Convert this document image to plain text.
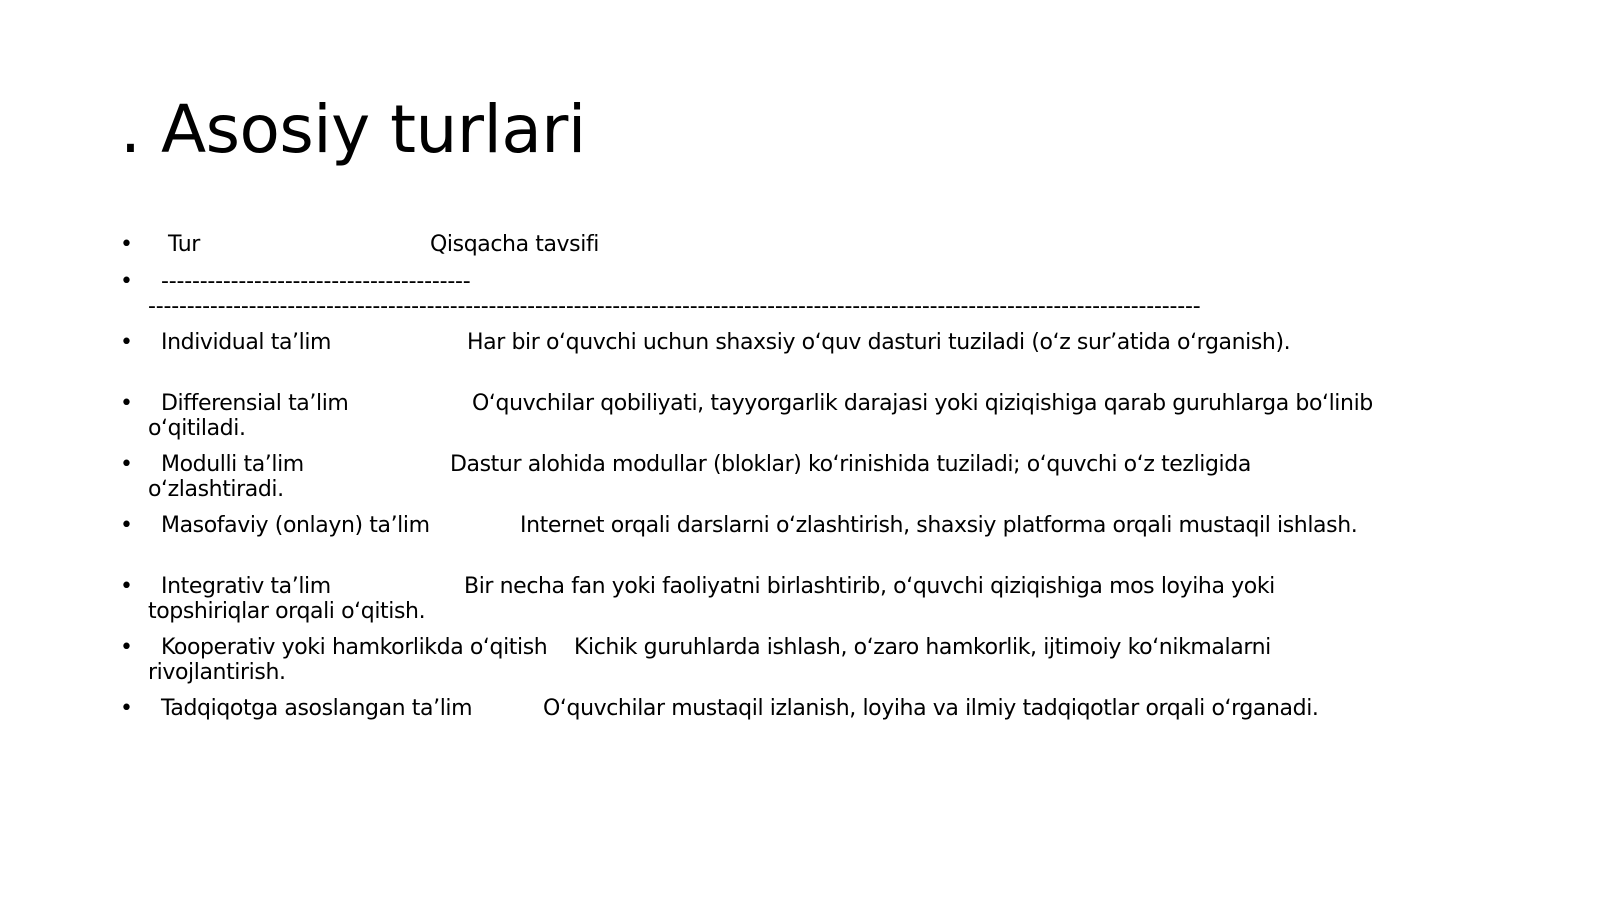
. Asosiy turlari
• Tur	Qisqacha tavsifi
• ----------------------------------------
----------------------------------------------------------------------------------------------------------------------------------------
• Individual ta’lim	Har bir oʻquvchi uchun shaxsiy oʻquv dasturi tuziladi (oʻz sur’atida oʻrganish).
• Differensial ta’lim	Oʻquvchilar qobiliyati, tayyorgarlik darajasi yoki qiziqishiga qarab guruhlarga boʻlinib
oʻqitiladi.
• Modulli ta’lim	Dastur alohida modullar (bloklar) koʻrinishida tuziladi; oʻquvchi oʻz tezligida
oʻzlashtiradi.
• Masofaviy (onlayn) ta’lim	Internet orqali darslarni oʻzlashtirish, shaxsiy platforma orqali mustaqil ishlash.
• Integrativ ta’lim	Bir necha fan yoki faoliyatni birlashtirib, oʻquvchi qiziqishiga mos loyiha yoki
topshiriqlar orqali oʻqitish.
• Kooperativ yoki hamkorlikda oʻqitish Kichik guruhlarda ishlash, oʻzaro hamkorlik, ijtimoiy koʻnikmalarni
rivojlantirish.
• Tadqiqotga asoslangan ta’lim	Oʻquvchilar mustaqil izlanish, loyiha va ilmiy tadqiqotlar orqali oʻrganadi.
